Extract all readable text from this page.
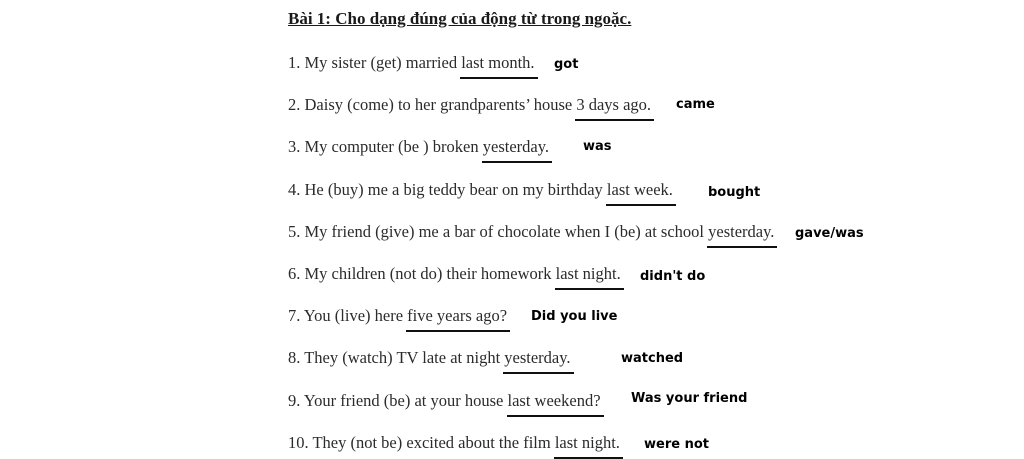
Bài 1: Cho dạng đúng của động từ trong ngoặc.
1. My sister (get) married last month. got
2. Daisy (come) to her grandparents’ house 3 days ago. came
3. My computer (be ) broken yesterday.	was
4. He (buy) me a big teddy bear on my birthday last week.	bought
5. My friend (give) me a bar of chocolate when I (be) at school yesterday. gave/was
6. My children (not do) their homework last night. didn't do
7. You (live) here five years ago? Did you live
8. They (watch) TV late at night yesterday.	watched
9. Your friend (be) at your house last weekend? Was your friend
10. They (not be) excited about the film last night. were not
